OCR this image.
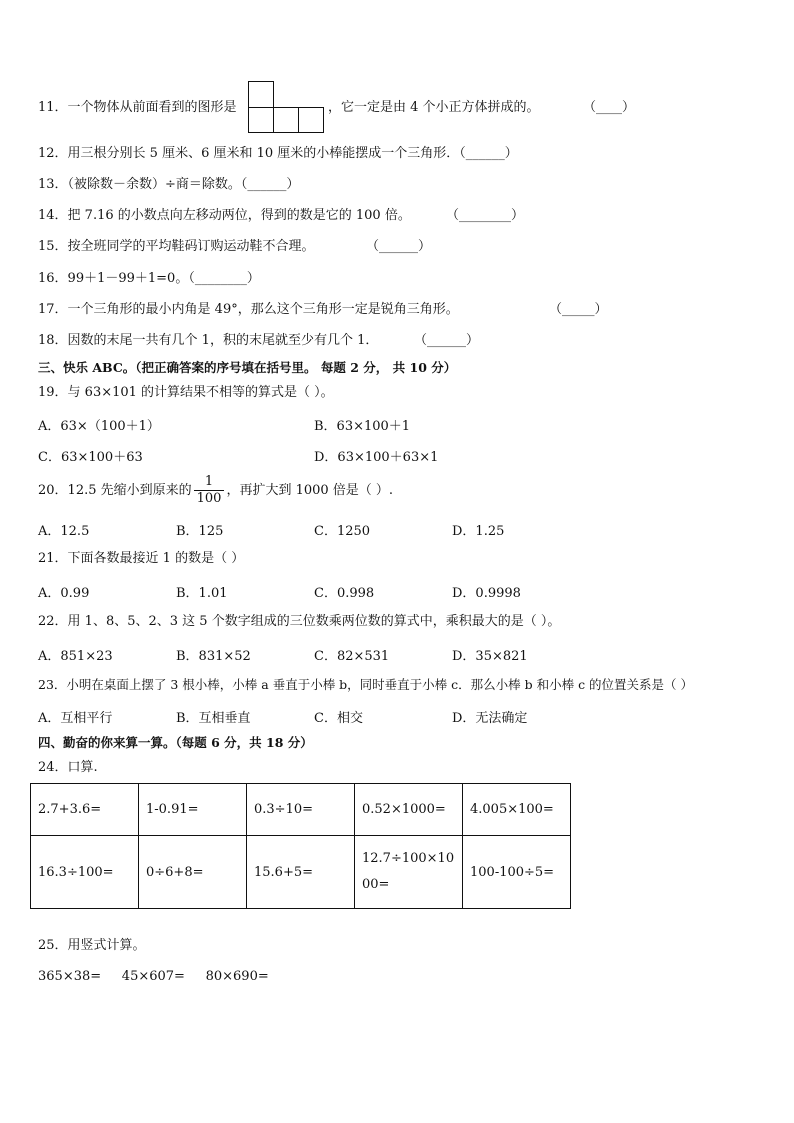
11．一个物体从前面看到的图形是	，它一定是由 4 个小正方体拼成的。	（____）
12．用三根分别长 5 厘米、6 厘米和 10 厘米的小棒能摆成一个三角形．（______）
13．（被除数－余数）÷商＝除数。（______）
14．把 7.16 的小数点向左移动两位，得到的数是它的 100 倍。	（________）
15．按全班同学的平均鞋码订购运动鞋不合理。	（______）
16．99＋1－99＋1=0。（________）
17．一个三角形的最小内角是 49°，那么这个三角形一定是锐角三角形。	（_____）
18．因数的末尾一共有几个 1，积的末尾就至少有几个 1．	（______）
三、快乐 ABC。（把正确答案的序号填在括号里。 每题 2 分， 共 10 分）
19．与 63×101 的计算结果不相等的算式是（ ）。
A．63×（100＋1）	B．63×100＋1
C．63×100＋63	D．63×100＋63×1
20．12.5 先缩小到原来的 $\frac{1}{100}$ ，再扩大到 1000 倍是（ ）.
A．12.5	B．125	C．1250	D．1.25
21．下面各数最接近 1 的数是（ ）
A．0.99	B．1.01	C．0.998	D．0.9998
22．用 1、8、5、2、3 这 5 个数字组成的三位数乘两位数的算式中，乘积最大的是（ ）。
A．851×23	B．831×52	C．82×531	D．35×821
23．小明在桌面上摆了 3 根小棒，小棒 a 垂直于小棒 b，同时垂直于小棒 c．那么小棒 b 和小棒 c 的位置关系是（ ）
A．互相平行	B．互相垂直	C．相交	D．无法确定
四、勤奋的你来算一算。（每题 6 分，共 18 分）
24．口算.
2.7+3.6=	1-0.91=	0.3÷10=	0.52×1000=	4.005×100=
16.3÷100=	0÷6+8=	15.6+5=	12.7÷100×1000=	100-100÷5=
25．用竖式计算。
365×38=     45×607=     80×690=
